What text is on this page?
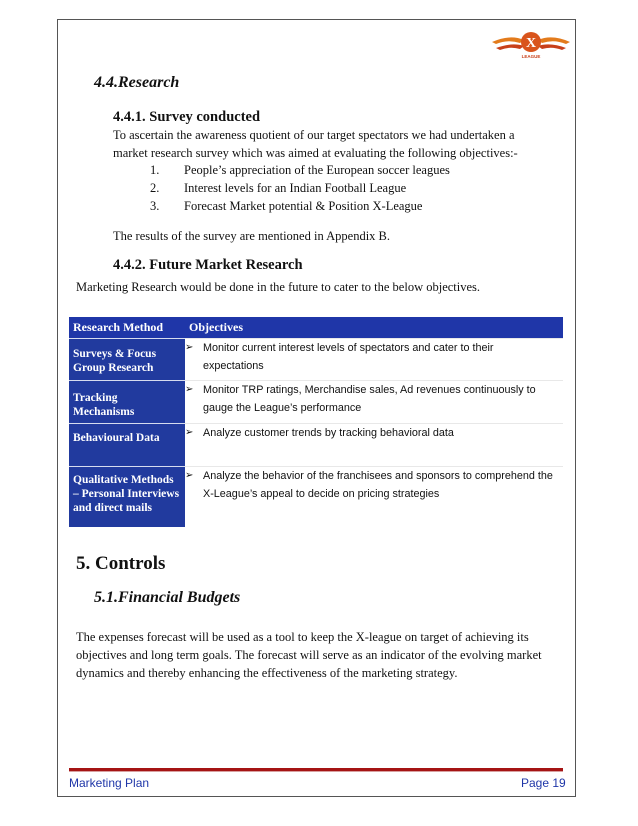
X
LEAGUE
4.4.Research
4.4.1. Survey conducted

To ascertain the awareness quotient of our target spectators we had undertaken a
market research survey which was aimed at evaluating the following objectives:-

1.	People’s appreciation of the European soccer leagues
2.	Interest levels for an Indian Football League
3.	Forecast Market potential & Position X-League

The results of the survey are mentioned in Appendix B.

4.4.2. Future Market Research

Marketing Research would be done in the future to cater to the below objectives.

Research Method	Objectives

Surveys & Focus Group Research	➢ Monitor current interest levels of spectators and cater to their
expectations

Tracking Mechanisms	➢ Monitor TRP ratings, Merchandise sales, Ad revenues continuously to
gauge the League’s performance

Behavioural Data	➢ Analyze customer trends by tracking behavioral data

Qualitative Methods – Personal Interviews and direct mails	➢ Analyze the behavior of the franchisees and sponsors to comprehend the
X-League’s appeal to decide on pricing strategies
5. Controls
5.1.Financial Budgets

The expenses forecast will be used as a tool to keep the X-league on target of achieving its
objectives and long term goals. The forecast will serve as an indicator of the evolving market
dynamics and thereby enhancing the effectiveness of the marketing strategy.

Marketing Plan	Page 19
